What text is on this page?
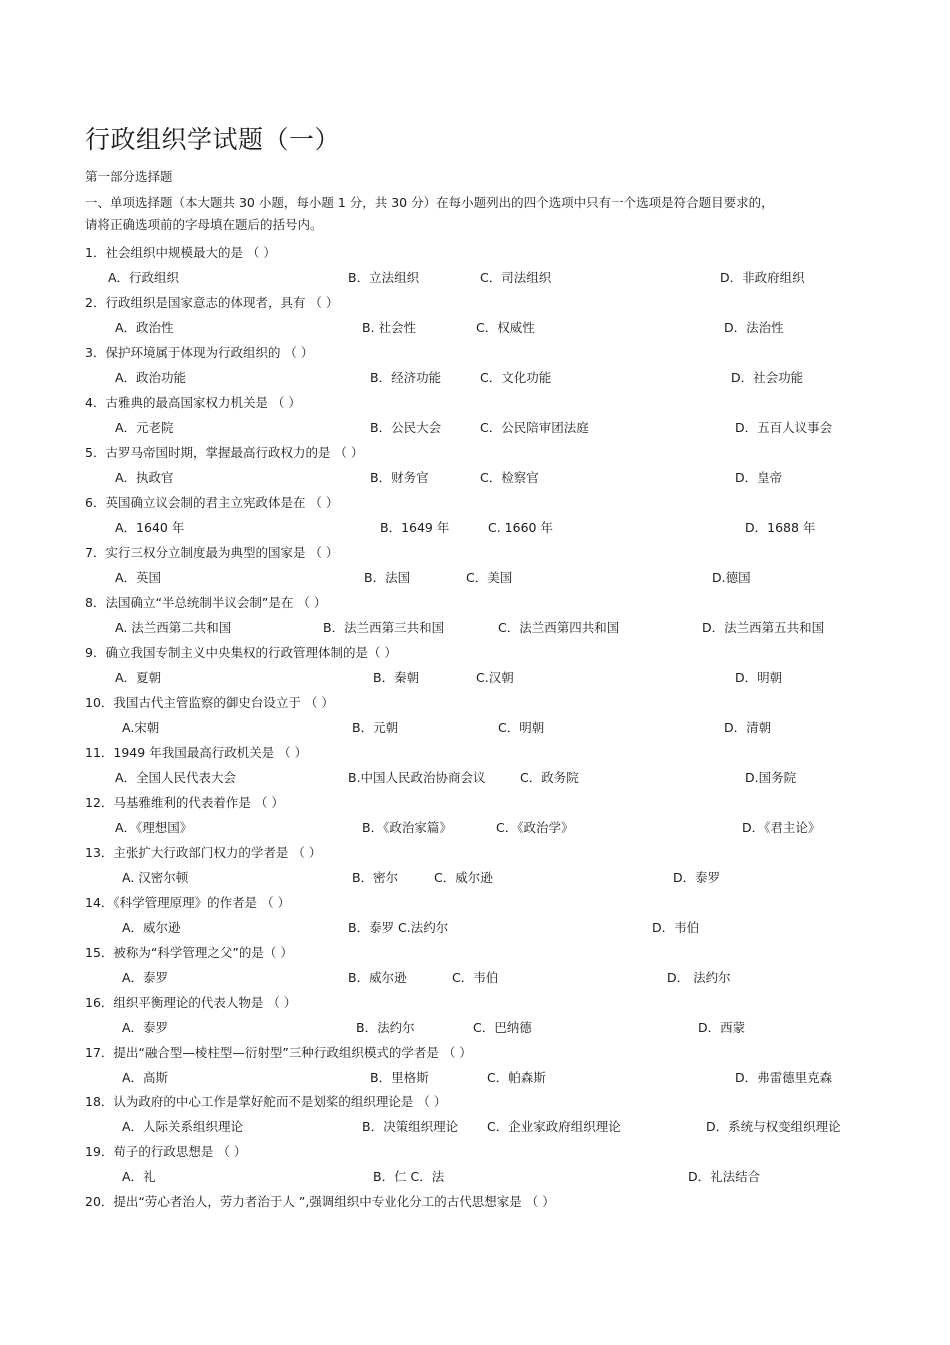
行政组织学试题（一）
第一部分选择题
一、单项选择题（本大题共 30 小题，每小题 1 分，共 30 分）在每小题列出的四个选项中只有一个选项是符合题目要求的，
请将正确选项前的字母填在题后的括号内。
1．社会组织中规模最大的是 （ ）
A．行政组织	B．立法组织	C．司法组织	D．非政府组织
2．行政组织是国家意志的体现者，具有 （ ）
A．政治性	B. 社会性	C．权威性	D．法治性
3．保护环境属于体现为行政组织的 （ ）
A．政治功能	B．经济功能	C．文化功能	D．社会功能
4．古雅典的最高国家权力机关是 （ ）
A．元老院	B．公民大会	C．公民陪审团法庭	D．五百人议事会
5．古罗马帝国时期，掌握最高行政权力的是 （ ）
A．执政官	B．财务官	C．检察官	D．皇帝
6．英国确立议会制的君主立宪政体是在 （ ）
A．1640 年	B．1649 年	C. 1660 年	D．1688 年
7．实行三权分立制度最为典型的国家是 （ ）
A．英国	B．法国	C．美国	D.德国
8．法国确立“半总统制半议会制”是在 （ ）
A. 法兰西第二共和国	B．法兰西第三共和国	C．法兰西第四共和国	D．法兰西第五共和国
9．确立我国专制主义中央集权的行政管理体制的是（ ）
A．夏朝	B．秦朝	C.汉朝	D．明朝
10．我国古代主管监察的御史台设立于 （ ）
A.宋朝	B．元朝	C．明朝	D．清朝
11．1949 年我国最高行政机关是 （ ）
A．全国人民代表大会	B.中国人民政治协商会议	C．政务院	D.国务院
12．马基雅维利的代表着作是 （ ）
A．《理想国》	B．《政治家篇》	C．《政治学》	D．《君主论》
13．主张扩大行政部门权力的学者是 （ ）
A. 汉密尔顿	B．密尔	C．威尔逊	D．泰罗
14．《科学管理原理》的作者是 （ ）
A．威尔逊	B．泰罗 C.法约尔	D．韦伯
15．被称为“科学管理之父”的是（ ）
A．泰罗	B．威尔逊	C．韦伯	D． 法约尔
16．组织平衡理论的代表人物是 （ ）
A．泰罗	B．法约尔	C．巴纳德	D．西蒙
17．提出“融合型—棱柱型—衍射型”三种行政组织模式的学者是 （ ）
A．高斯	B．里格斯	C．帕森斯	D．弗雷德里克森
18．认为政府的中心工作是掌好舵而不是划桨的组织理论是 （ ）
A．人际关系组织理论	B．决策组织理论 C．企业家政府组织理论	D．系统与权变组织理论
19．荀子的行政思想是 （ ）
A．礼	B．仁 C．法	D．礼法结合
20．提出“劳心者治人，劳力者治于人 ”,强调组织中专业化分工的古代思想家是 （ ）
